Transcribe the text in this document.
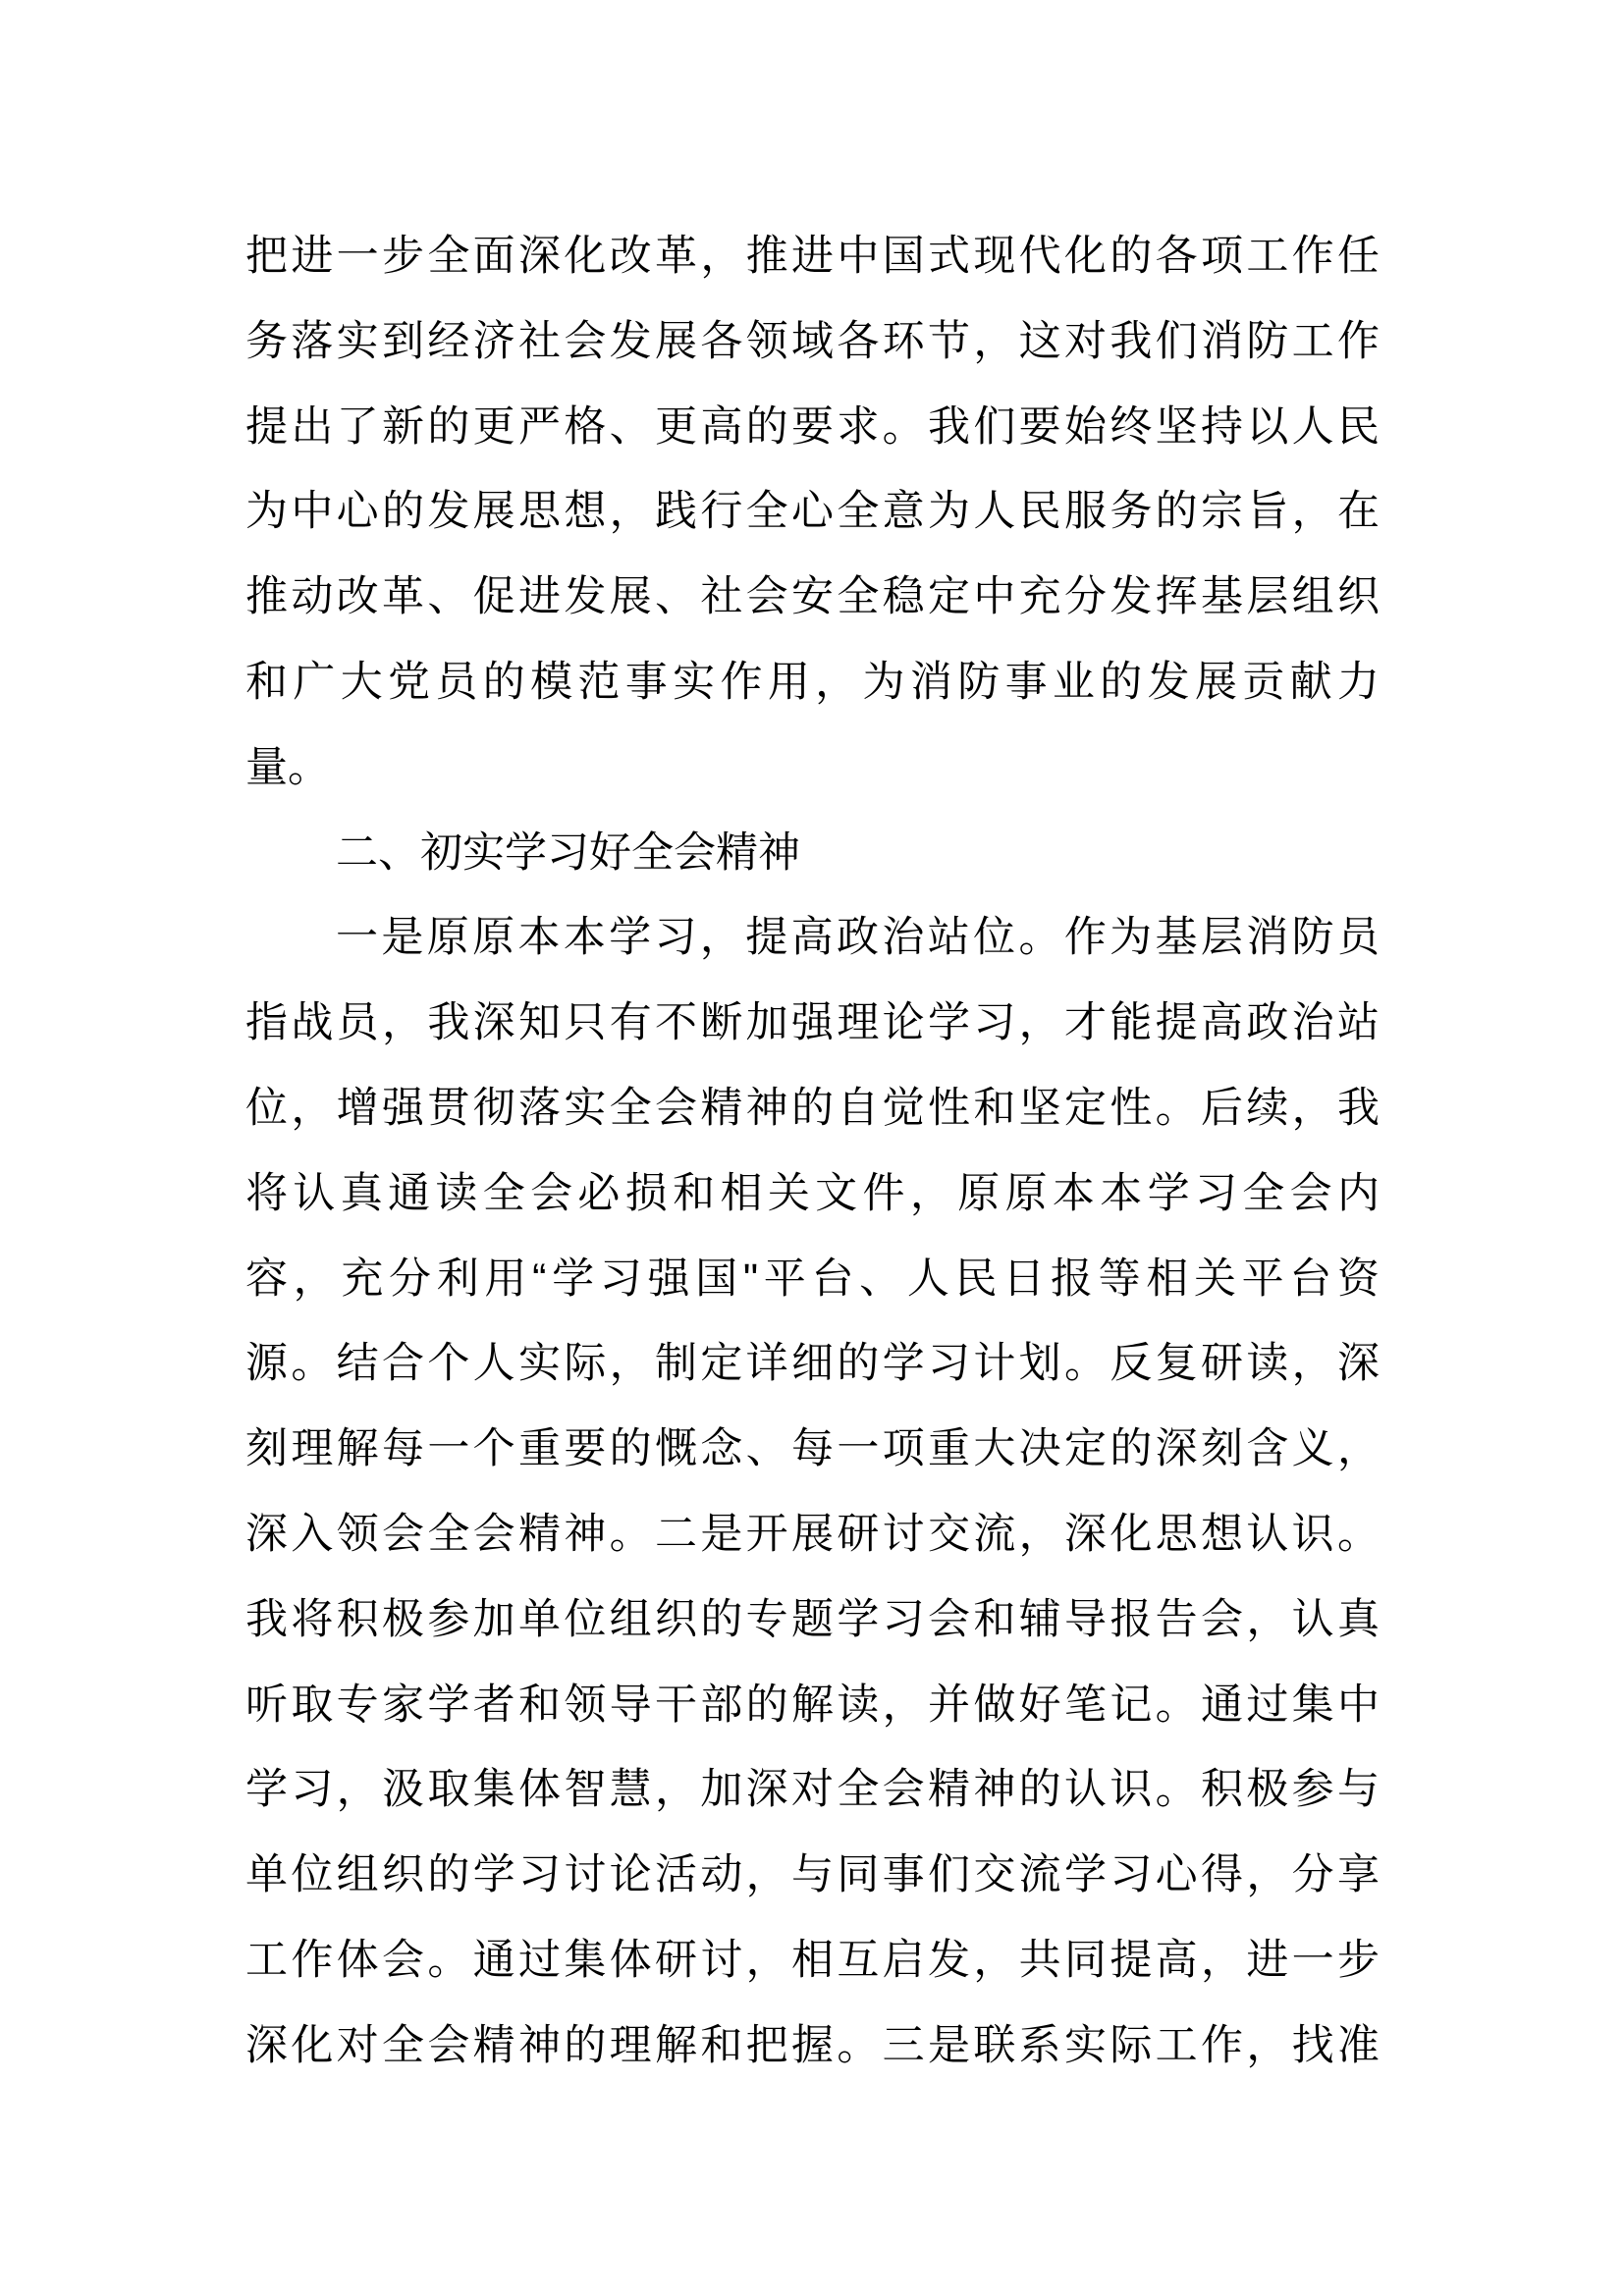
把进一步全面深化改革，推进中国式现代化的各项工作任
务落实到经济社会发展各领域各环节，这对我们消防工作
提出了新的更严格、更高的要求。我们要始终坚持以人民
为中心的发展思想，践行全心全意为人民服务的宗旨，在
推动改革、促进发展、社会安全稳定中充分发挥基层组织
和广大党员的模范事实作用，为消防事业的发展贡献力
量。
二、初实学习好全会精神
一是原原本本学习，提高政治站位。作为基层消防员
指战员，我深知只有不断加强理论学习，才能提高政治站
位，增强贯彻落实全会精神的自觉性和坚定性。后续，我
将认真通读全会必损和相关文件，原原本本学习全会内
容，充分利用“学习强国"平台、人民日报等相关平台资
源。结合个人实际，制定详细的学习计划。反复研读，深
刻理解每一个重要的慨念、每一项重大决定的深刻含义，
深入领会全会精神。二是开展研讨交流，深化思想认识。
我将积极参加单位组织的专题学习会和辅导报告会，认真
听取专家学者和领导干部的解读，并做好笔记。通过集中
学习，汲取集体智慧，加深对全会精神的认识。积极参与
单位组织的学习讨论活动，与同事们交流学习心得，分享
工作体会。通过集体研讨，相互启发，共同提高，进一步
深化对全会精神的理解和把握。三是联系实际工作，找准
